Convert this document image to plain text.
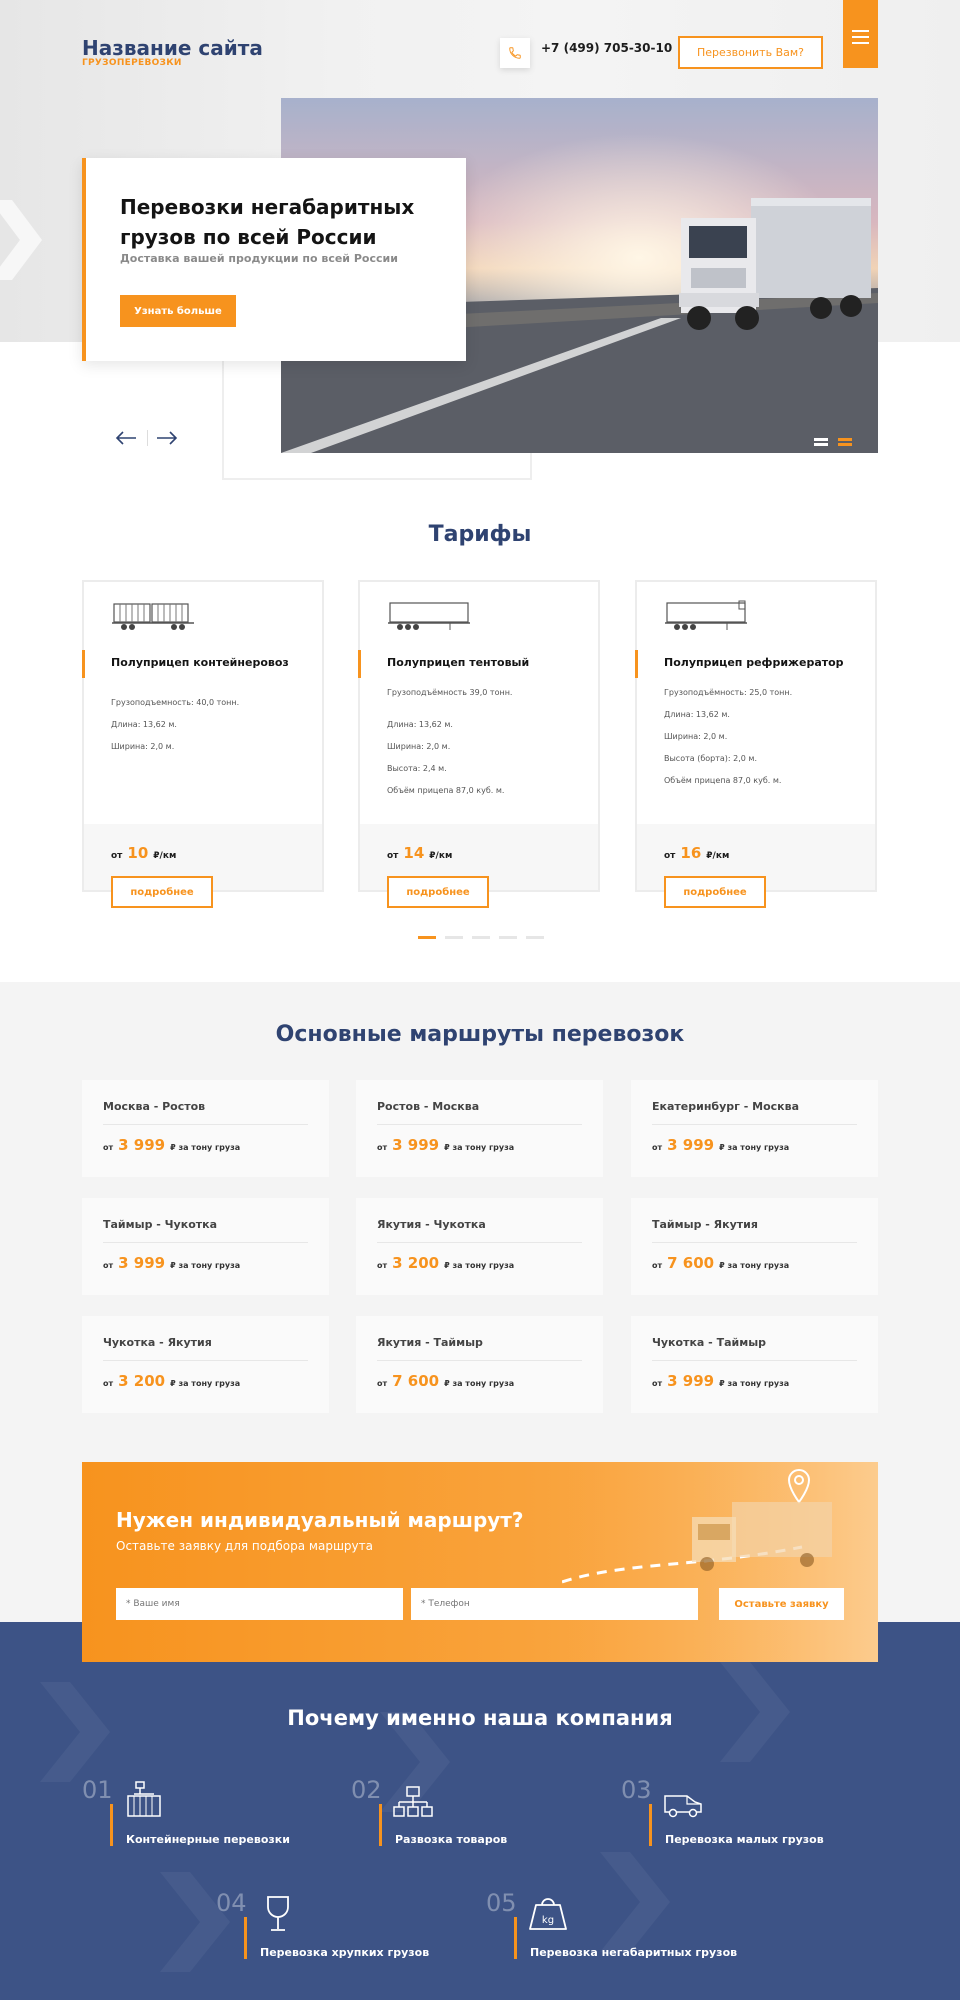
Название сайта
ГРУЗОПЕРЕВОЗКИ
+7 (499) 705-30-10	Перезвонить Вам?
Перевозки негабаритных грузов по всей России
Доставка вашей продукции по всей России
Узнать больше
Тарифы
Полуприцеп контейнеровоз
Грузоподъемность: 40,0 тонн.
Длина: 13,62 м.
Ширина: 2,0 м.
от 10 ₽/км
подробнее
Полуприцеп тентовый
Грузоподъёмность 39,0 тонн.
Длина: 13,62 м.
Ширина: 2,0 м.
Высота: 2,4 м.
Объём прицепа 87,0 куб. м.
от 14 ₽/км
подробнее
Полуприцеп рефрижератор
Грузоподъёмность: 25,0 тонн.
Длина: 13,62 м.
Ширина: 2,0 м.
Высота (борта): 2,0 м.
Объём прицепа 87,0 куб. м.
от 16 ₽/км
подробнее
Основные маршруты перевозок
Москва - Ростов
от 3 999 ₽ за тону груза
Ростов - Москва
от 3 999 ₽ за тону груза
Екатеринбург - Москва
от 3 999 ₽ за тону груза
Таймыр - Чукотка
от 3 999 ₽ за тону груза
Якутия - Чукотка
от 3 200 ₽ за тону груза
Таймыр - Якутия
от 7 600 ₽ за тону груза
Чукотка - Якутия
от 3 200 ₽ за тону груза
Якутия - Таймыр
от 7 600 ₽ за тону груза
Чукотка - Таймыр
от 3 999 ₽ за тону груза
Нужен индивидуальный маршрут?
Оставьте заявку для подбора маршрута
* Ваше имя
* Телефон
Оставьте заявку
Почему именно наша компания
01
Контейнерные перевозки
02
Развозка товаров
03
Перевозка малых грузов
04
Перевозка хрупких грузов
05
kg
Перевозка негабаритных грузов
